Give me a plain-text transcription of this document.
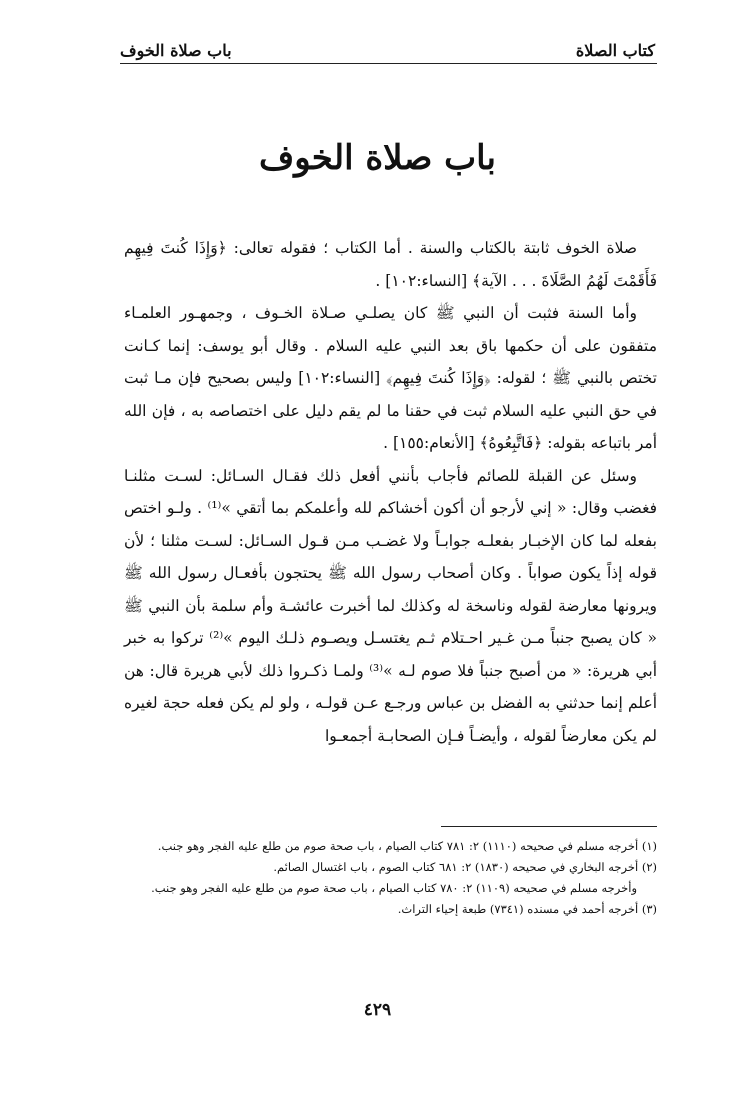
كتاب الصلاة
باب صلاة الخوف
باب صلاة الخوف

صلاة الخوف ثابتة بالكتاب والسنة . أما الكتاب ؛ فقوله تعالى: ﴿وَإِذَا كُنتَ فِيهِم فَأَقَمْتَ لَهُمُ الصَّلَاةَ . . . الآية﴾ [النساء:١٠٢] .

وأما السنة فثبت أن النبي ﷺ كان يصلـي صـلاة الخـوف ، وجمهـور العلمـاء متفقون على أن حكمها باق بعد النبي عليه السلام . وقال أبو يوسف: إنما كـانت تختص بالنبي ﷺ ؛ لقوله: ﴿وَإِذَا كُنتَ فِيهِم﴾ [النساء:١٠٢] وليس بصحيح فإن مـا ثبت في حق النبي عليه السلام ثبت في حقنا ما لم يقم دليل على اختصاصه به ، فإن الله أمر باتباعه بقوله: ﴿فَاتَّبِعُوهُ﴾ [الأنعام:١٥٥] .

وسئل عن القبلة للصائم فأجاب بأنني أفعل ذلك فقـال السـائل: لسـت مثلنـا فغضب وقال: « إني لأرجو أن أكون أخشاكم لله وأعلمكم بما أتقي »⁽¹⁾ . ولـو اختص بفعله لما كان الإخبـار بفعلـه جوابـاً ولا غضـب مـن قـول السـائل: لسـت مثلنا ؛ لأن قوله إذاً يكون صواباً . وكان أصحاب رسول الله ﷺ يحتجون بأفعـال رسول الله ﷺ ويرونها معارضة لقوله وناسخة له وكذلك لما أخبرت عائشـة وأم سلمة بأن النبي ﷺ « كان يصبح جنباً مـن غـير احـتلام ثـم يغتسـل ويصـوم ذلـك اليوم »⁽²⁾ تركوا به خبر أبي هريرة: « من أصبح جنباً فلا صوم لـه »⁽³⁾ ولمـا ذكـروا ذلك لأبي هريرة قال: هن أعلم إنما حدثني به الفضل بن عباس ورجـع عـن قولـه ، ولو لم يكن فعله حجة لغيره لم يكن معارضاً لقوله ، وأيضـاً فـإن الصحابـة أجمعـوا

(١) أخرجه مسلم في صحيحه (١١١٠) ٢: ٧٨١ كتاب الصيام ، باب صحة صوم من طلع عليه الفجر وهو جنب.

(٢) أخرجه البخاري في صحيحه (١٨٣٠) ٢: ٦٨١ كتاب الصوم ، باب اغتسال الصائم.

وأخرجه مسلم في صحيحه (١١٠٩) ٢: ٧٨٠ كتاب الصيام ، باب صحة صوم من طلع عليه الفجر وهو جنب.

(٣) أخرجه أحمد في مسنده (٧٣٤١) طبعة إحياء التراث.

٤٢٩
